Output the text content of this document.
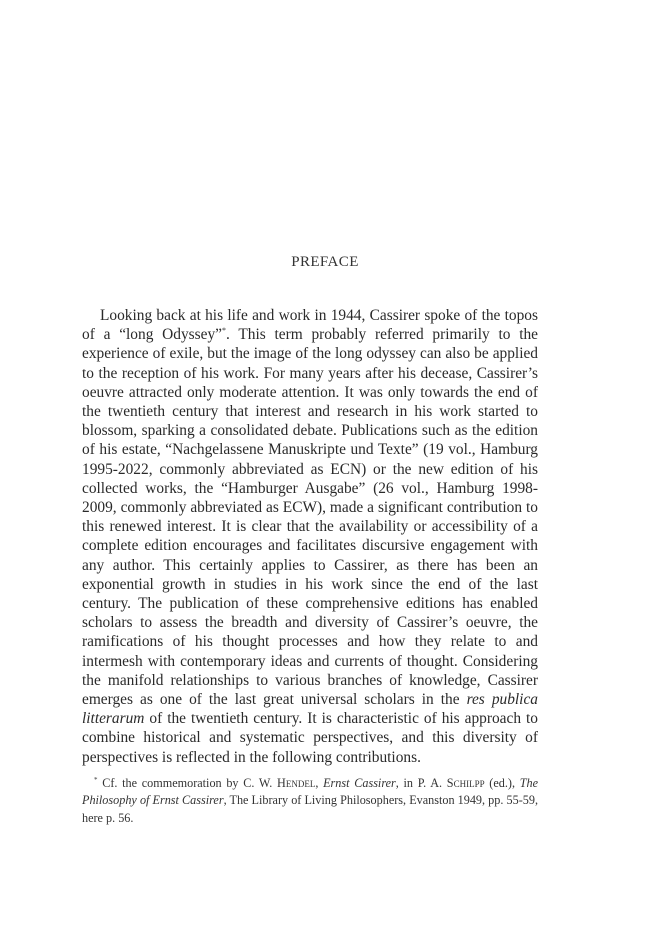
PREFACE
Looking back at his life and work in 1944, Cassirer spoke of the topos of a “long Odyssey”*. This term probably referred primarily to the experience of exile, but the image of the long odyssey can also be applied to the reception of his work. For many years after his decease, Cassirer’s oeuvre attracted only moderate attention. It was only towards the end of the twentieth century that interest and research in his work started to blossom, sparking a consolidated debate. Publications such as the edition of his estate, “Nachgelassene Manuskripte und Texte” (19 vol., Hamburg 1995-2022, commonly abbreviated as ECN) or the new edition of his collected works, the “Hamburger Ausgabe” (26 vol., Hamburg 1998-2009, commonly abbreviated as ECW), made a significant contribution to this renewed interest. It is clear that the availability or accessibility of a complete edition encourages and facilitates discursive engagement with any author. This certainly applies to Cassirer, as there has been an exponential growth in studies in his work since the end of the last century. The publication of these comprehensive editions has enabled scholars to assess the breadth and diversity of Cassirer’s oeuvre, the ramifications of his thought processes and how they relate to and intermesh with contemporary ideas and currents of thought. Considering the manifold relationships to various branches of knowledge, Cassirer emerges as one of the last great universal scholars in the res publica litterarum of the twentieth century. It is characteristic of his approach to combine historical and systematic perspectives, and this diversity of perspectives is reflected in the following contributions.
* Cf. the commemoration by C. W. Hendel, Ernst Cassirer, in P. A. Schilpp (ed.), The Philosophy of Ernst Cassirer, The Library of Living Philosophers, Evanston 1949, pp. 55-59, here p. 56.
